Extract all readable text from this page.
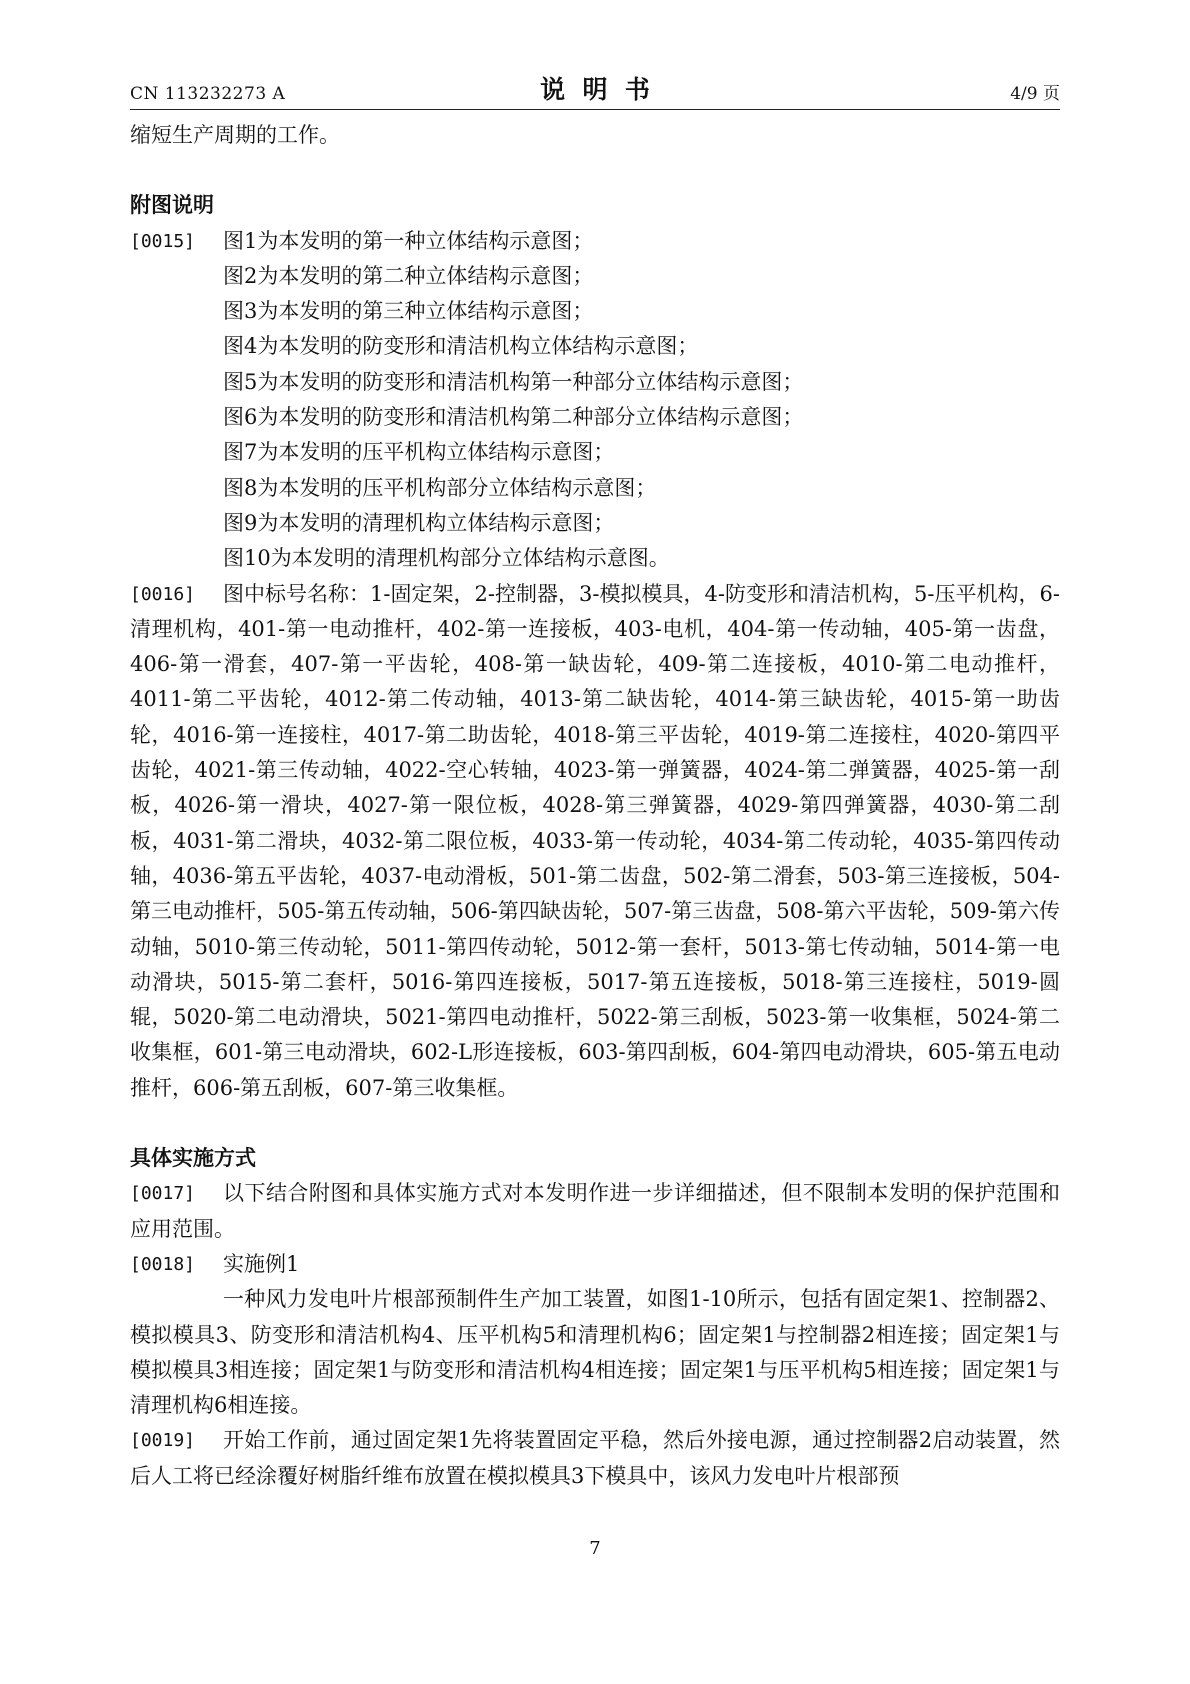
CN 113232273 A	说  明  书	4/9 页
缩短生产周期的工作。
附图说明
[0015] 图1为本发明的第一种立体结构示意图；
图2为本发明的第二种立体结构示意图；
图3为本发明的第三种立体结构示意图；
图4为本发明的防变形和清洁机构立体结构示意图；
图5为本发明的防变形和清洁机构第一种部分立体结构示意图；
图6为本发明的防变形和清洁机构第二种部分立体结构示意图；
图7为本发明的压平机构立体结构示意图；
图8为本发明的压平机构部分立体结构示意图；
图9为本发明的清理机构立体结构示意图；
图10为本发明的清理机构部分立体结构示意图。
[0016]	图中标号名称：1-固定架，2-控制器，3-模拟模具，4-防变形和清洁机构，5-压平机构，6-清理机构，401-第一电动推杆，402-第一连接板，403-电机，404-第一传动轴，405-第一齿盘，406-第一滑套，407-第一平齿轮，408-第一缺齿轮，409-第二连接板，4010-第二电动推杆，4011-第二平齿轮，4012-第二传动轴，4013-第二缺齿轮，4014-第三缺齿轮，4015-第一助齿轮，4016-第一连接柱，4017-第二助齿轮，4018-第三平齿轮，4019-第二连接柱，4020-第四平齿轮，4021-第三传动轴，4022-空心转轴，4023-第一弹簧器，4024-第二弹簧器，4025-第一刮板，4026-第一滑块，4027-第一限位板，4028-第三弹簧器，4029-第四弹簧器，4030-第二刮板，4031-第二滑块，4032-第二限位板，4033-第一传动轮，4034-第二传动轮，4035-第四传动轴，4036-第五平齿轮，4037-电动滑板，501-第二齿盘，502-第二滑套，503-第三连接板，504-第三电动推杆，505-第五传动轴，506-第四缺齿轮，507-第三齿盘，508-第六平齿轮，509-第六传动轴，5010-第三传动轮，5011-第四传动轮，5012-第一套杆，5013-第七传动轴，5014-第一电动滑块，5015-第二套杆，5016-第四连接板，5017-第五连接板，5018-第三连接柱，5019-圆辊，5020-第二电动滑块，5021-第四电动推杆，5022-第三刮板，5023-第一收集框，5024-第二收集框，601-第三电动滑块，602-L形连接板，603-第四刮板，604-第四电动滑块，605-第五电动推杆，606-第五刮板，607-第三收集框。
具体实施方式
[0017]	以下结合附图和具体实施方式对本发明作进一步详细描述，但不限制本发明的保护范围和应用范围。
[0018] 实施例1
一种风力发电叶片根部预制件生产加工装置，如图1-10所示，包括有固定架1、控制器2、模拟模具3、防变形和清洁机构4、压平机构5和清理机构6；固定架1与控制器2相连接；固定架1与模拟模具3相连接；固定架1与防变形和清洁机构4相连接；固定架1与压平机构5相连接；固定架1与清理机构6相连接。
[0019]	开始工作前，通过固定架1先将装置固定平稳，然后外接电源，通过控制器2启动装置，然后人工将已经涂覆好树脂纤维布放置在模拟模具3下模具中，该风力发电叶片根部预
7
